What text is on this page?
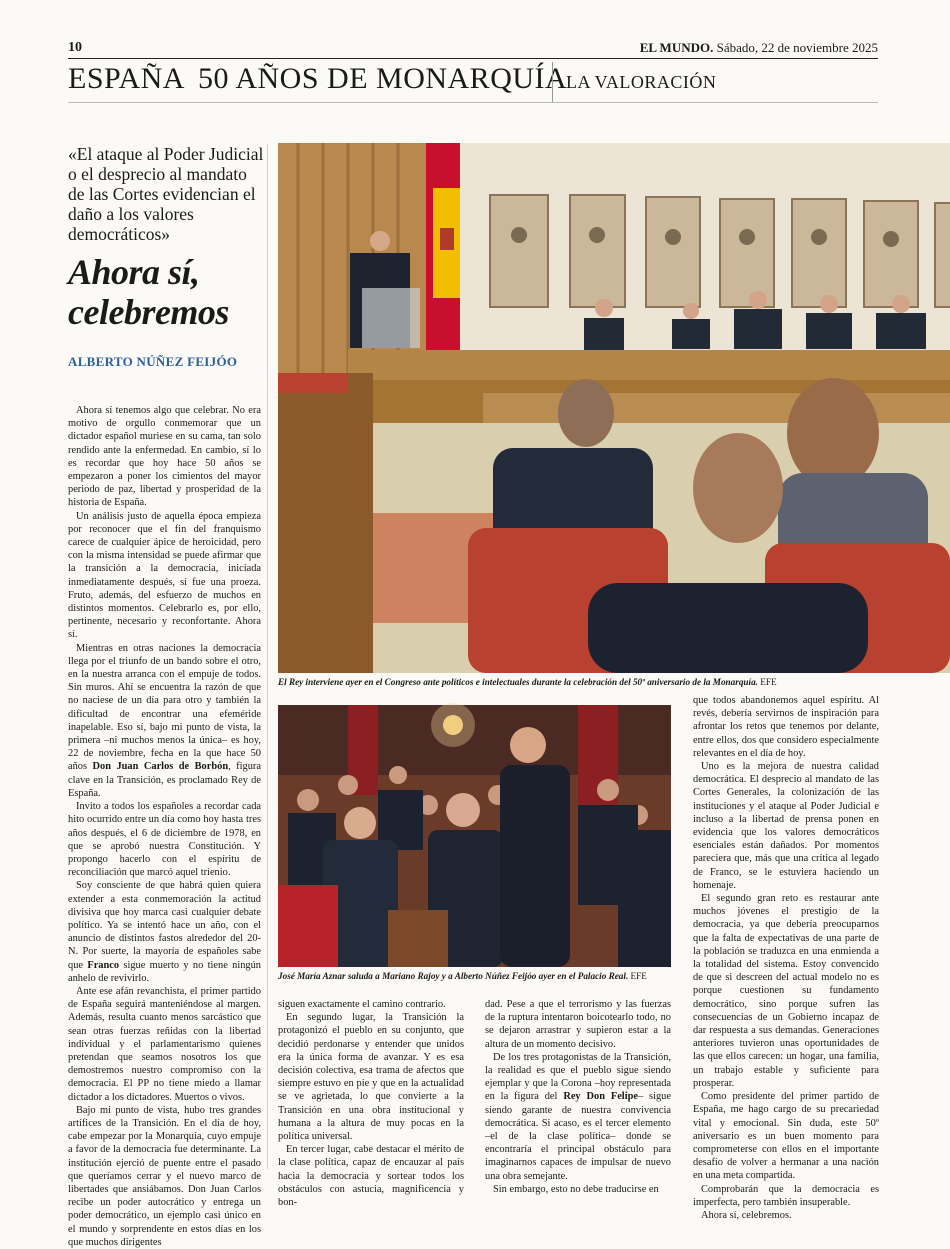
10	EL MUNDO. Sábado, 22 de noviembre 2025
ESPAÑA 50 AÑOS DE MONARQUÍA
LA VALORACIÓN
«El ataque al Poder Judicial o el desprecio al mandato de las Cortes evidencian el daño a los valores democráticos»
Ahora sí, celebremos
ALBERTO NÚÑEZ FEIJÓO

Ahora sí tenemos algo que celebrar. No era motivo de orgullo conmemorar que un dictador español muriese en su cama, tan solo rendido ante la enfermedad. En cambio, sí lo es recordar que hoy hace 50 años se empezaron a poner los cimientos del mayor periodo de paz, libertad y prosperidad de la historia de España.

Un análisis justo de aquella época empieza por reconocer que el fin del franquismo carece de cualquier ápice de heroicidad, pero con la misma intensidad se puede afirmar que la transición a la democracia, iniciada inmediatamente después, sí fue una proeza. Fruto, además, del esfuerzo de muchos en distintos momentos. Celebrarlo es, por ello, pertinente, necesario y reconfortante. Ahora sí.

Mientras en otras naciones la democracia llega por el triunfo de un bando sobre el otro, en la nuestra arranca con el empuje de todos. Sin muros. Ahí se encuentra la razón de que no naciese de un día para otro y también la dificultad de encontrar una efeméride inapelable. Eso sí, bajo mi punto de vista, la primera –ni muchos menos la única– es hoy, 22 de noviembre, fecha en la que hace 50 años Don Juan Carlos de Borbón, figura clave en la Transición, es proclamado Rey de España.

Invito a todos los españoles a recordar cada hito ocurrido entre un día como hoy hasta tres años después, el 6 de diciembre de 1978, en que se aprobó nuestra Constitución. Y propongo hacerlo con el espíritu de reconciliación que marcó aquel trienio.

Soy consciente de que habrá quien quiera extender a esta conmemoración la actitud divisiva que hoy marca casi cualquier debate político. Ya se intentó hace un año, con el anuncio de distintos fastos alrededor del 20-N. Por suerte, la mayoría de españoles sabe que Franco sigue muerto y no tiene ningún anhelo de revivirlo.

Ante ese afán revanchista, el primer partido de España seguirá manteniéndose al margen. Además, resulta cuanto menos sarcástico que sean otras fuerzas reñidas con la libertad individual y el parlamentarismo quienes pretendan que seamos nosotros los que demostremos nuestro compromiso con la democracia. El PP no tiene miedo a llamar dictador a los dictadores. Muertos o vivos.

Bajo mi punto de vista, hubo tres grandes artífices de la Transición. En el día de hoy, cabe empezar por la Monarquía, cuyo empuje a favor de la democracia fue determinante. La institución ejerció de puente entre el pasado que queríamos cerrar y el nuevo marco de libertades que ansiábamos. Don Juan Carlos recibe un poder autocrático y entrega un poder democrático, un ejemplo casi único en el mundo y sorprendente en estos días en los que muchos dirigentes

El Rey interviene ayer en el Congreso ante políticos e intelectuales durante la celebración del 50º aniversario de la Monarquía. EFE
José María Aznar saluda a Mariano Rajoy y a Alberto Núñez Feijóo ayer en el Palacio Real. EFE

siguen exactamente el camino contrario.

En segundo lugar, la Transición la protagonizó el pueblo en su conjunto, que decidió perdonarse y entender que unidos era la única forma de avanzar. Y es esa decisión colectiva, esa trama de afectos que siempre estuvo en pie y que en la actualidad se ve agrietada, lo que convierte a la Transición en una obra institucional y humana a la altura de muy pocas en la política universal.

En tercer lugar, cabe destacar el mérito de la clase política, capaz de encauzar al país hacia la democracia y sortear todos los obstáculos con astucia, magnificencia y bon-

dad. Pese a que el terrorismo y las fuerzas de la ruptura intentaron boicotearlo todo, no se dejaron arrastrar y supieron estar a la altura de un momento decisivo.

De los tres protagonistas de la Transición, la realidad es que el pueblo sigue siendo ejemplar y que la Corona –hoy representada en la figura del Rey Don Felipe– sigue siendo garante de nuestra convivencia democrática. Si acaso, es el tercer elemento –el de la clase política– donde se encontraría el principal obstáculo para imaginarnos capaces de impulsar de nuevo una obra semejante.

Sin embargo, esto no debe traducirse en

que todos abandonemos aquel espíritu. Al revés, debería servirnos de inspiración para afrontar los retos que tenemos por delante, entre ellos, dos que considero especialmente relevantes en el día de hoy.

Uno es la mejora de nuestra calidad democrática. El desprecio al mandato de las Cortes Generales, la colonización de las instituciones y el ataque al Poder Judicial e incluso a la libertad de prensa ponen en evidencia que los valores democráticos esenciales están dañados. Por momentos pareciera que, más que una crítica al legado de Franco, se le estuviera haciendo un homenaje.

El segundo gran reto es restaurar ante muchos jóvenes el prestigio de la democracia, ya que debería preocuparnos que la falta de expectativas de una parte de la población se traduzca en una enmienda a la totalidad del sistema. Estoy convencido de que si descreen del actual modelo no es porque cuestionen su fundamento democrático, sino porque sufren las consecuencias de un Gobierno incapaz de dar respuesta a sus demandas. Generaciones anteriores tuvieron unas oportunidades de las que ellos carecen: un hogar, una familia, un trabajo estable y suficiente para prosperar.

Como presidente del primer partido de España, me hago cargo de su precariedad vital y emocional. Sin duda, este 50º aniversario es un buen momento para comprometerse con ellos en el importante desafío de volver a hermanar a una nación en una meta compartida.

Comprobarán que la democracia es imperfecta, pero también insuperable.

Ahora sí, celebremos.
